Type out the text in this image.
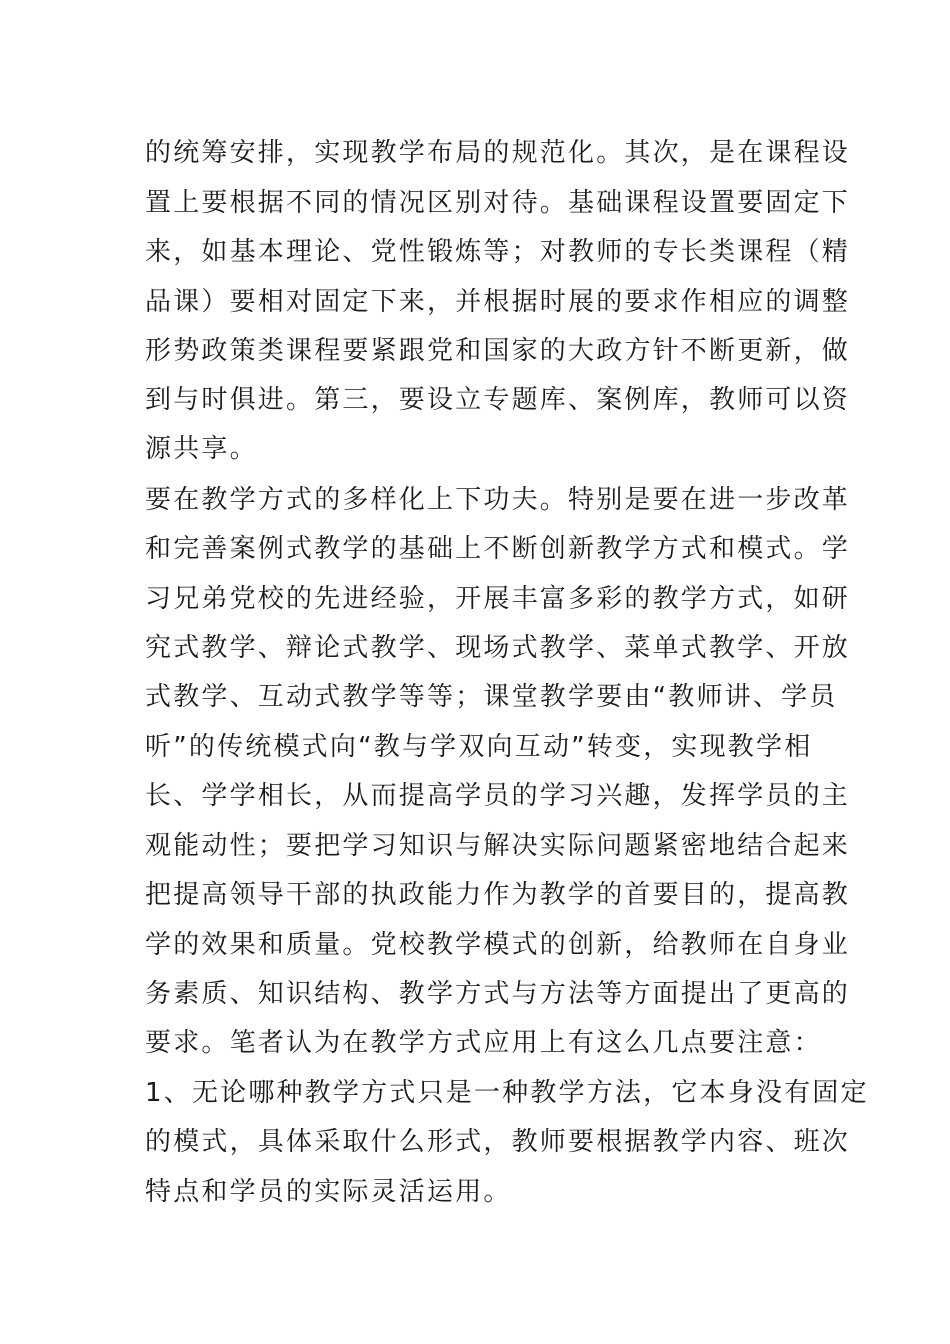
的统筹安排，实现教学布局的规范化。其次，是在课程设
置上要根据不同的情况区别对待。基础课程设置要固定下
来，如基本理论、党性锻炼等；对教师的专长类课程（精
品课）要相对固定下来，并根据时展的要求作相应的调整
形势政策类课程要紧跟党和国家的大政方针不断更新，做
到与时俱进。第三，要设立专题库、案例库，教师可以资
源共享。
要在教学方式的多样化上下功夫。特别是要在进一步改革
和完善案例式教学的基础上不断创新教学方式和模式。学
习兄弟党校的先进经验，开展丰富多彩的教学方式，如研
究式教学、辩论式教学、现场式教学、菜单式教学、开放
式教学、互动式教学等等；课堂教学要由“教师讲、学员
听”的传统模式向“教与学双向互动”转变，实现教学相
长、学学相长，从而提高学员的学习兴趣，发挥学员的主
观能动性；要把学习知识与解决实际问题紧密地结合起来
把提高领导干部的执政能力作为教学的首要目的，提高教
学的效果和质量。党校教学模式的创新，给教师在自身业
务素质、知识结构、教学方式与方法等方面提出了更高的
要求。笔者认为在教学方式应用上有这么几点要注意：
1、无论哪种教学方式只是一种教学方法，它本身没有固定
的模式，具体采取什么形式，教师要根据教学内容、班次
特点和学员的实际灵活运用。
